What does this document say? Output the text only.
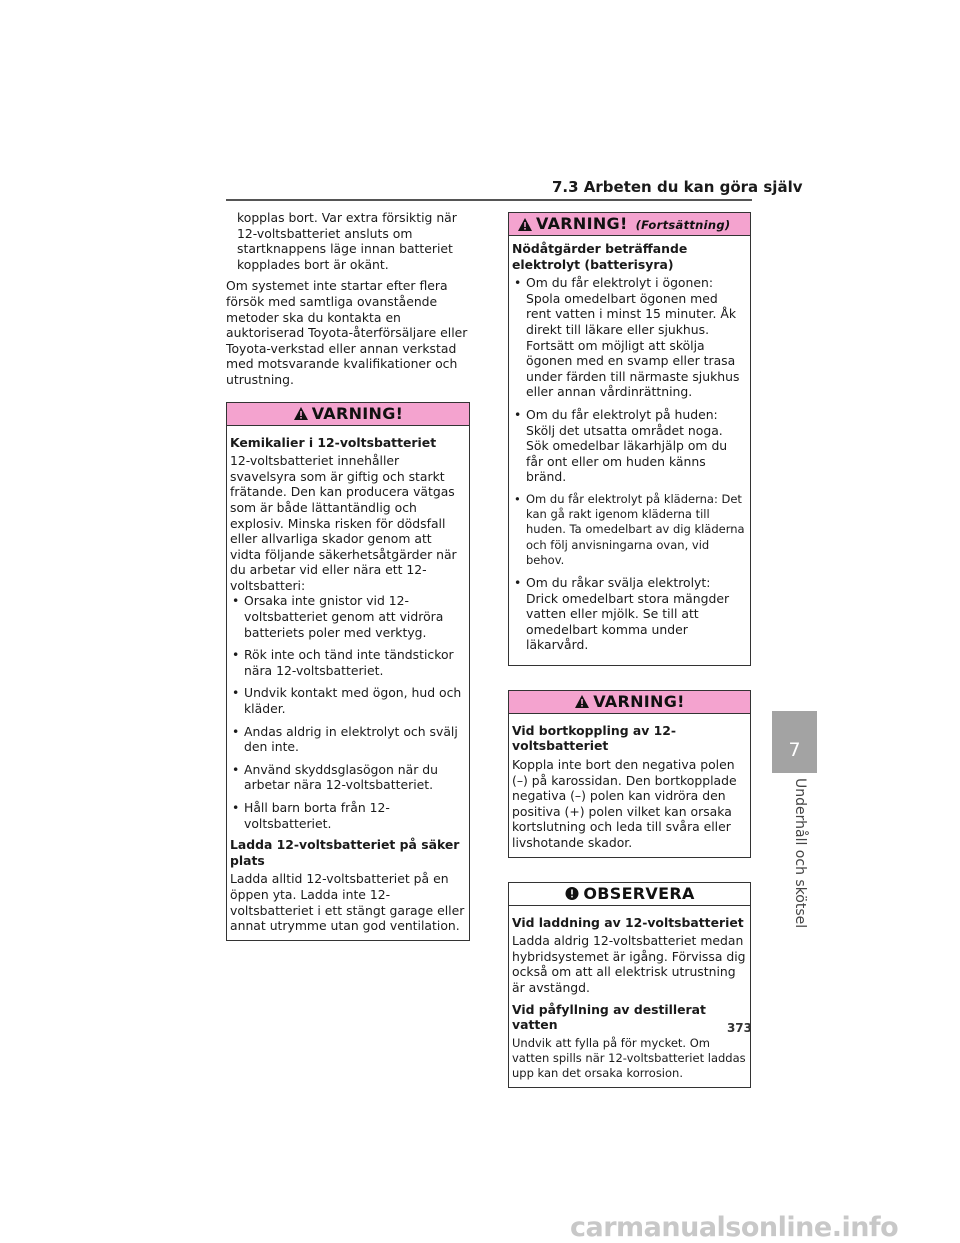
7.3 Arbeten du kan göra själv

kopplas bort. Var extra försiktig när 12-voltsbatteriet ansluts om startknappens läge innan batteriet kopplades bort är okänt.

Om systemet inte startar efter flera försök med samtliga ovanstående metoder ska du kontakta en auktoriserad Toyota-återförsäljare eller Toyota-verkstad eller annan verkstad med motsvarande kvalifikationer och utrustning.

VARNING!
Kemikalier i 12-voltsbatteriet

12-voltsbatteriet innehåller svavelsyra som är giftig och starkt frätande. Den kan producera vätgas som är både lättantändlig och explosiv. Minska risken för dödsfall eller allvarliga skador genom att vidta följande säkerhetsåtgärder när du arbetar vid eller nära ett 12-voltsbatteri:

• Orsaka inte gnistor vid 12-voltsbatteriet genom att vidröra batteriets poler med verktyg.
• Rök inte och tänd inte tändstickor nära 12-voltsbatteriet.
• Undvik kontakt med ögon, hud och kläder.
• Andas aldrig in elektrolyt och svälj den inte.
• Använd skyddsglasögon när du arbetar nära 12-voltsbatteriet.
• Håll barn borta från 12-voltsbatteriet.
Ladda 12-voltsbatteriet på säker plats

Ladda alltid 12-voltsbatteriet på en öppen yta. Ladda inte 12-voltsbatteriet i ett stängt garage eller annat utrymme utan god ventilation.

VARNING! (Fortsättning)
Nödåtgärder beträffande elektrolyt (batterisyra)
• Om du får elektrolyt i ögonen: Spola omedelbart ögonen med rent vatten i minst 15 minuter. Åk direkt till läkare eller sjukhus. Fortsätt om möjligt att skölja ögonen med en svamp eller trasa under färden till närmaste sjukhus eller annan vårdinrättning.
• Om du får elektrolyt på huden: Skölj det utsatta området noga. Sök omedelbar läkarhjälp om du får ont eller om huden känns bränd.
• Om du får elektrolyt på kläderna: Det kan gå rakt igenom kläderna till huden. Ta omedelbart av dig kläderna och följ anvisningarna ovan, vid behov.
• Om du råkar svälja elektrolyt: Drick omedelbart stora mängder vatten eller mjölk. Se till att omedelbart komma under läkarvård.
VARNING!
Vid bortkoppling av 12-voltsbatteriet

Koppla inte bort den negativa polen (–) på karossidan. Den bortkopplade negativa (–) polen kan vidröra den positiva (+) polen vilket kan orsaka kortslutning och leda till svåra eller livshotande skador.

OBSERVERA
Vid laddning av 12-voltsbatteriet

Ladda aldrig 12-voltsbatteriet medan hybridsystemet är igång. Förvissa dig också om att all elektrisk utrustning är avstängd.

Vid påfyllning av destillerat vatten

Undvik att fylla på för mycket. Om vatten spills när 12-voltsbatteriet laddas upp kan det orsaka korrosion.

7
Underhåll och skötsel
373
carmanualsonline.info
